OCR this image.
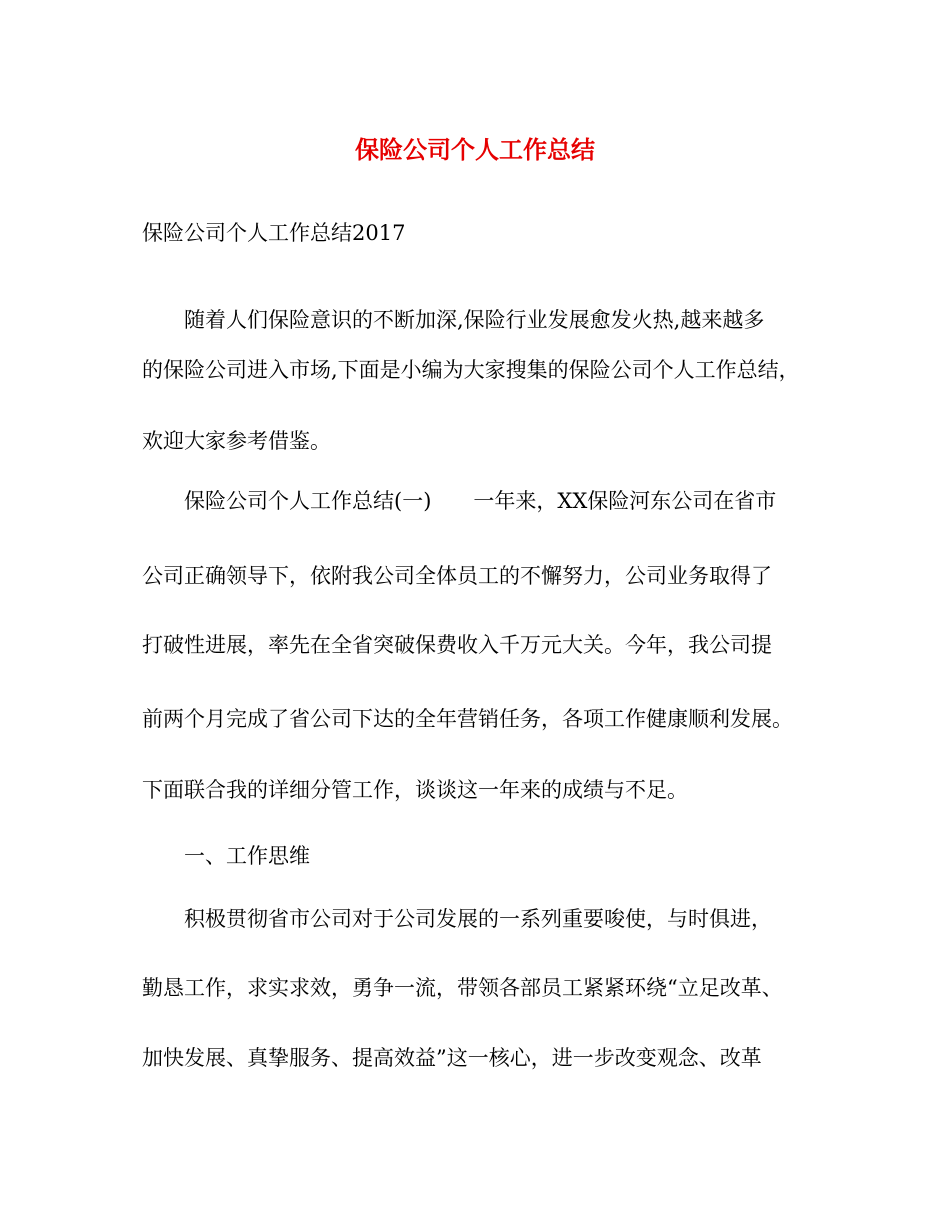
保险公司个人工作总结
保险公司个人工作总结2017
随着人们保险意识的不断加深,保险行业发展愈发火热,越来越多
的保险公司进入市场,下面是小编为大家搜集的保险公司个人工作总结，
欢迎大家参考借鉴。
保险公司个人工作总结(一)　　一年来，XX保险河东公司在省市
公司正确领导下，依附我公司全体员工的不懈努力，公司业务取得了
打破性进展，率先在全省突破保费收入千万元大关。今年，我公司提
前两个月完成了省公司下达的全年营销任务，各项工作健康顺利发展。
下面联合我的详细分管工作，谈谈这一年来的成绩与不足。
一、工作思维
积极贯彻省市公司对于公司发展的一系列重要唆使，与时俱进，
勤恳工作，求实求效，勇争一流，带领各部员工紧紧环绕“立足改革、
加快发展、真挚服务、提高效益”这一核心，进一步改变观念、改革
